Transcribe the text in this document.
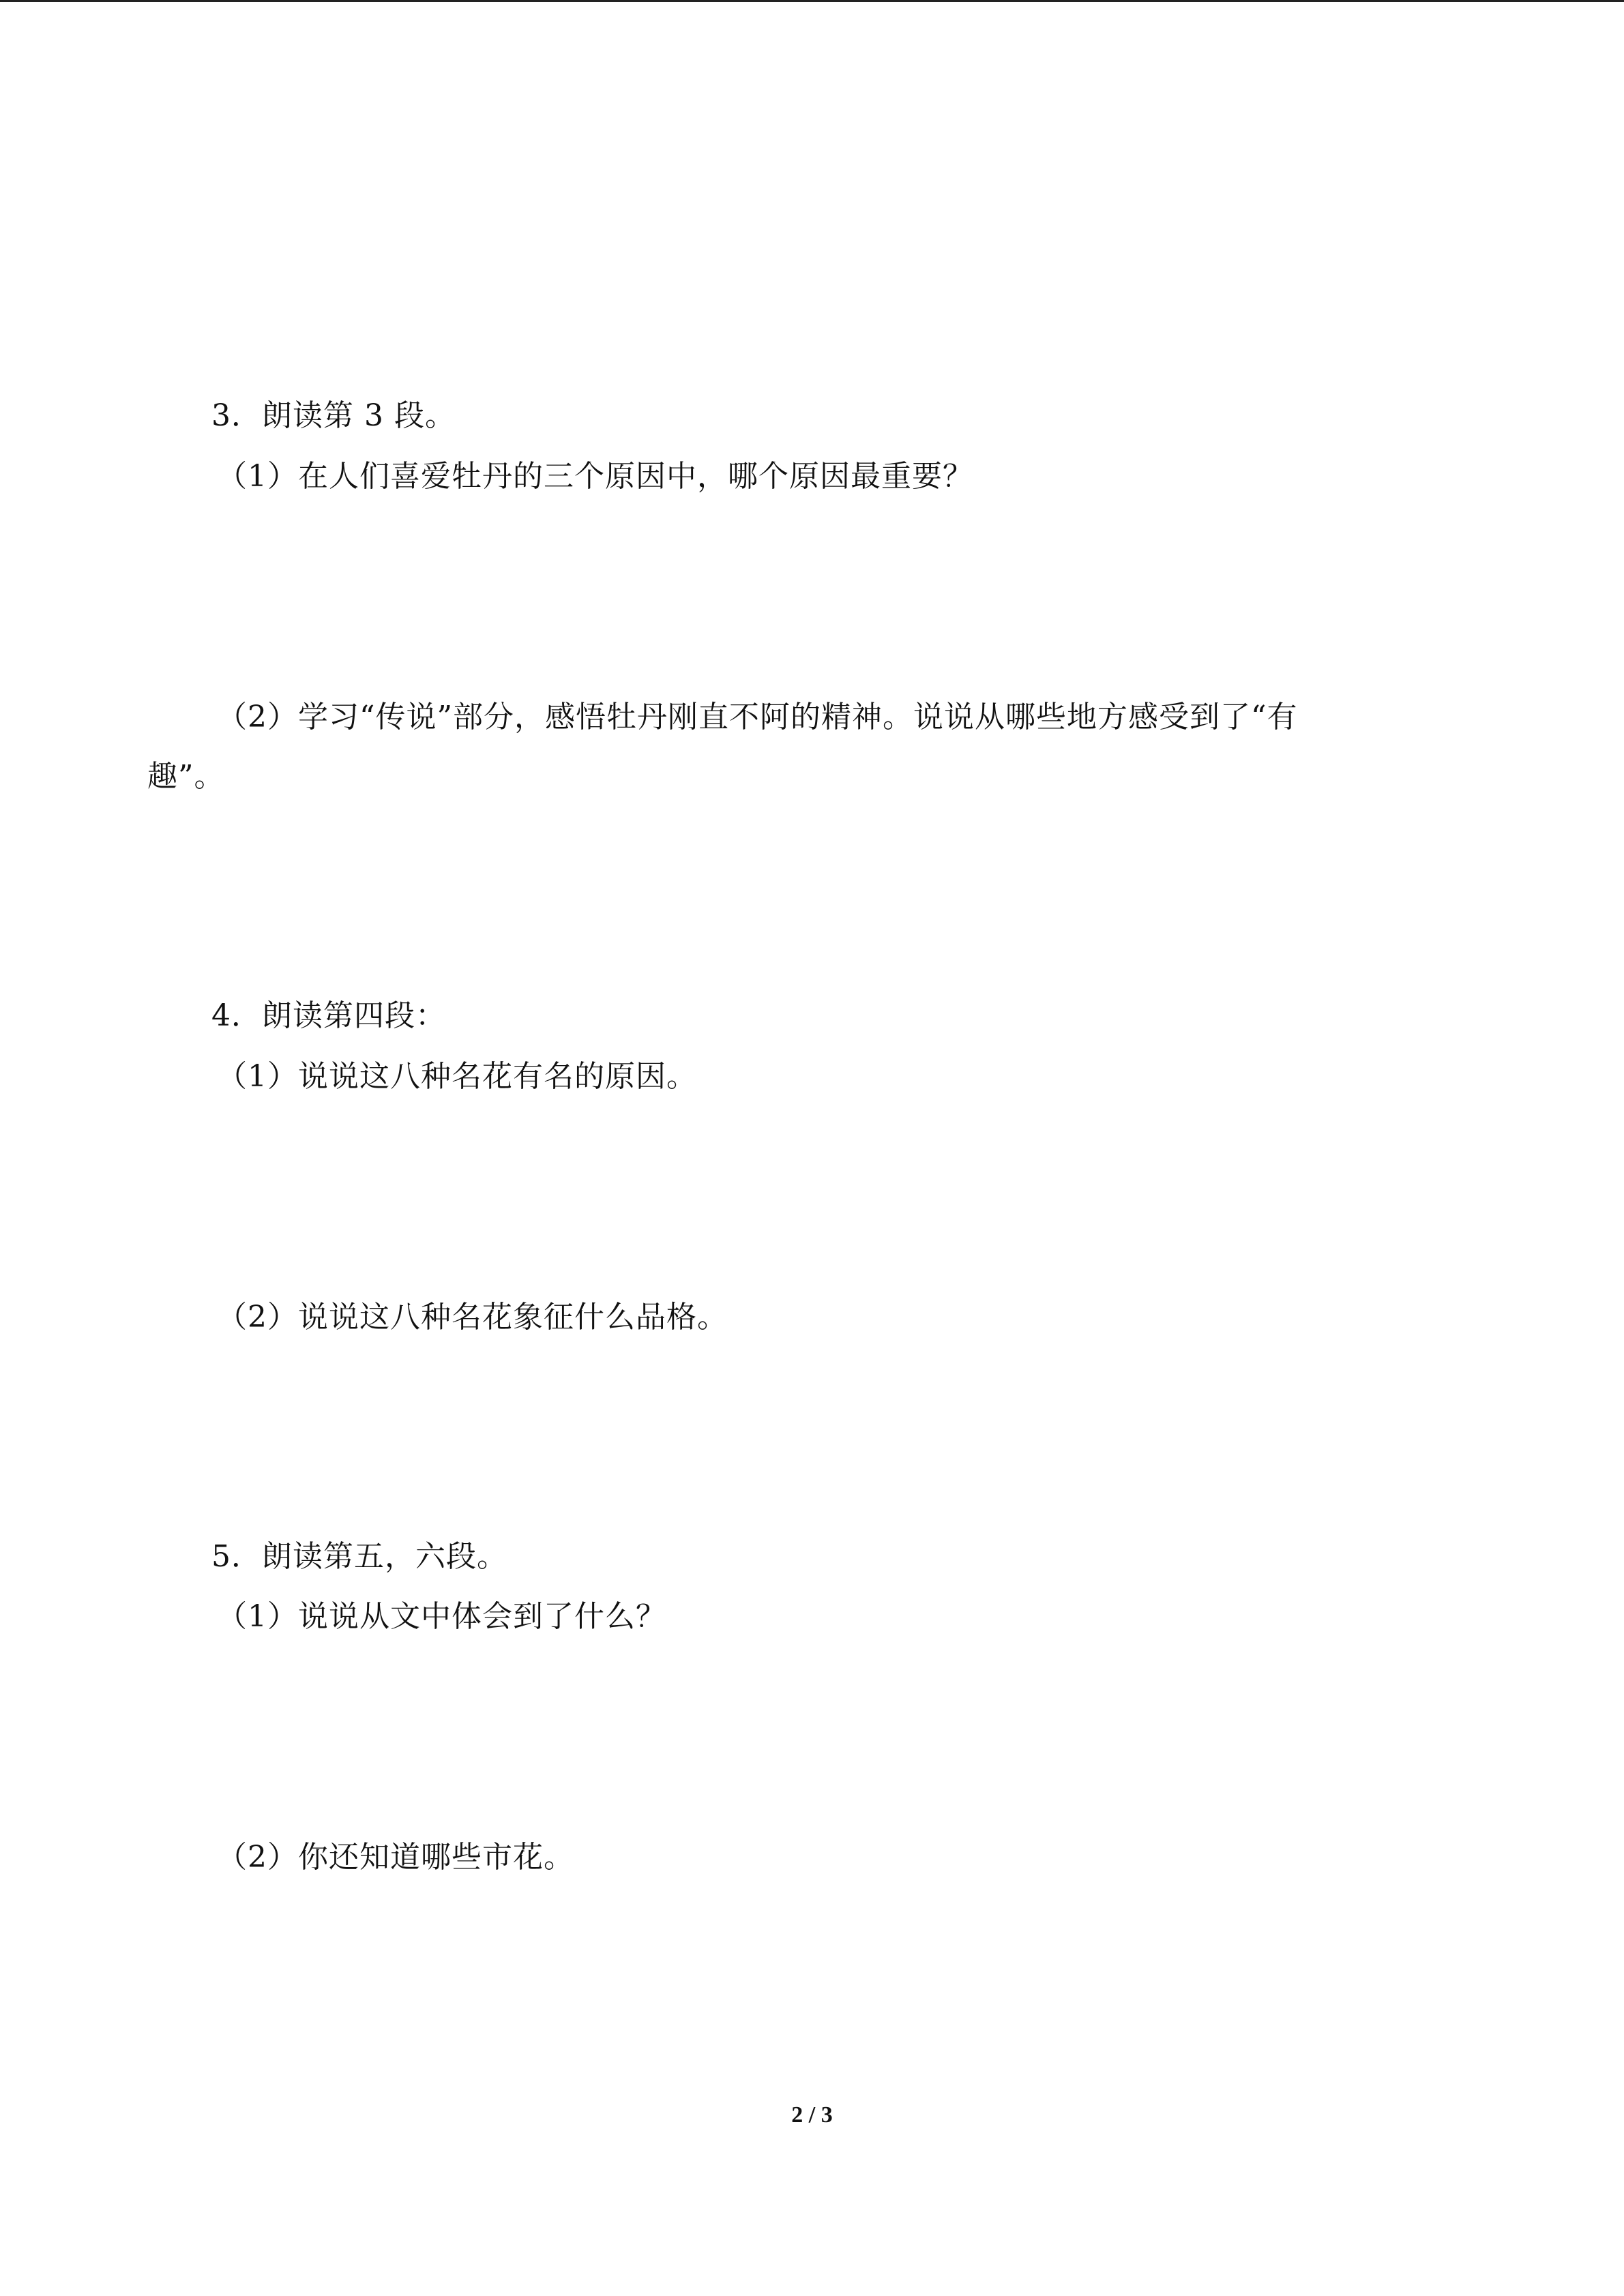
3．朗读第 3 段。
（1）在人们喜爱牡丹的三个原因中，哪个原因最重要？
（2）学习“传说”部分，感悟牡丹刚直不阿的精神。说说从哪些地方感受到了“有
趣”。
4．朗读第四段：
（1）说说这八种名花有名的原因。
（2）说说这八种名花象征什么品格。
5．朗读第五，六段。
（1）说说从文中体会到了什么？
（2）你还知道哪些市花。
2 / 3
